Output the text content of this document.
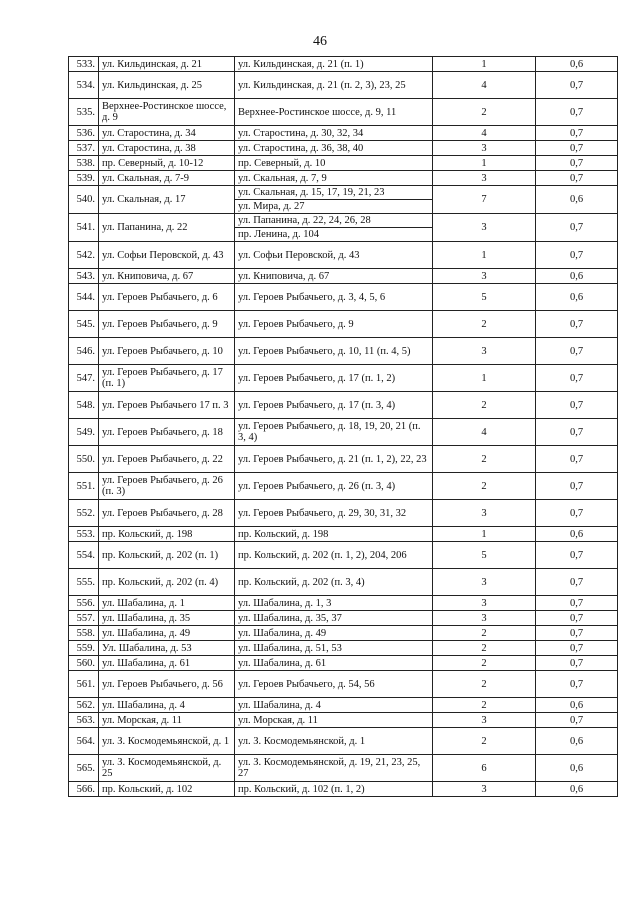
46
533.	ул. Кильдинская, д. 21	ул. Кильдинская, д. 21 (п. 1)	1	0,6
534.	ул. Кильдинская, д. 25	ул. Кильдинская, д. 21 (п. 2, 3), 23, 25	4	0,7
535.	Верхнее-Ростинское шоссе, д. 9	Верхнее-Ростинское шоссе, д. 9, 11	2	0,7
536.	ул. Старостина, д. 34	ул. Старостина, д. 30, 32, 34	4	0,7
537.	ул. Старостина, д. 38	ул. Старостина, д. 36, 38, 40	3	0,7
538.	пр. Северный, д. 10-12	пр. Северный, д. 10	1	0,7
539.	ул. Скальная, д. 7-9	ул. Скальная, д. 7, 9	3	0,7
540.	ул. Скальная, д. 17	ул. Скальная, д. 15, 17, 19, 21, 23	7	0,6
		ул. Мира, д. 27		
541.	ул. Папанина, д. 22	ул. Папанина, д. 22, 24, 26, 28	3	0,7
		пр. Ленина, д. 104		
542.	ул. Софьи Перовской, д. 43	ул. Софьи Перовской, д. 43	1	0,7
543.	ул. Книповича, д. 67	ул. Книповича, д. 67	3	0,6
544.	ул. Героев Рыбачьего, д. 6	ул. Героев Рыбачьего, д. 3, 4, 5, 6	5	0,6
545.	ул. Героев Рыбачьего, д. 9	ул. Героев Рыбачьего, д. 9	2	0,7
546.	ул. Героев Рыбачьего, д. 10	ул. Героев Рыбачьего, д. 10, 11 (п. 4, 5)	3	0,7
547.	ул. Героев Рыбачьего, д. 17 (п. 1)	ул. Героев Рыбачьего, д. 17 (п. 1, 2)	1	0,7
548.	ул. Героев Рыбачьего 17 п. 3	ул. Героев Рыбачьего, д. 17 (п. 3, 4)	2	0,7
549.	ул. Героев Рыбачьего, д. 18	ул. Героев Рыбачьего, д. 18, 19, 20, 21 (п. 3, 4)	4	0,7
550.	ул. Героев Рыбачьего, д. 22	ул. Героев Рыбачьего, д. 21 (п. 1, 2), 22, 23	2	0,7
551.	ул. Героев Рыбачьего, д. 26 (п. 3)	ул. Героев Рыбачьего, д. 26 (п. 3, 4)	2	0,7
552.	ул. Героев Рыбачьего, д. 28	ул. Героев Рыбачьего, д. 29, 30, 31, 32	3	0,7
553.	пр. Кольский, д. 198	пр. Кольский, д. 198	1	0,6
554.	пр. Кольский, д. 202 (п. 1)	пр. Кольский, д. 202 (п. 1, 2), 204, 206	5	0,7
555.	пр. Кольский, д. 202 (п. 4)	пр. Кольский, д. 202 (п. 3, 4)	3	0,7
556.	ул. Шабалина, д. 1	ул. Шабалина, д. 1, 3	3	0,7
557.	ул. Шабалина, д. 35	ул. Шабалина, д. 35, 37	3	0,7
558.	ул. Шабалина, д. 49	ул. Шабалина, д. 49	2	0,7
559.	Ул. Шабалина, д. 53	ул. Шабалина, д. 51, 53	2	0,7
560.	ул. Шабалина, д. 61	ул. Шабалина, д. 61	2	0,7
561.	ул. Героев Рыбачьего, д. 56	ул. Героев Рыбачьего, д. 54, 56	2	0,7
562.	ул. Шабалина, д. 4	ул. Шабалина, д. 4	2	0,6
563.	ул. Морская, д. 11	ул. Морская, д. 11	3	0,7
564.	ул. З. Космодемьянской, д. 1	ул. З. Космодемьянской, д. 1	2	0,6
565.	ул. З. Космодемьянской, д. 25	ул. З. Космодемьянской, д. 19, 21, 23, 25, 27	6	0,6
566.	пр. Кольский, д. 102	пр. Кольский, д. 102 (п. 1, 2)	3	0,6
